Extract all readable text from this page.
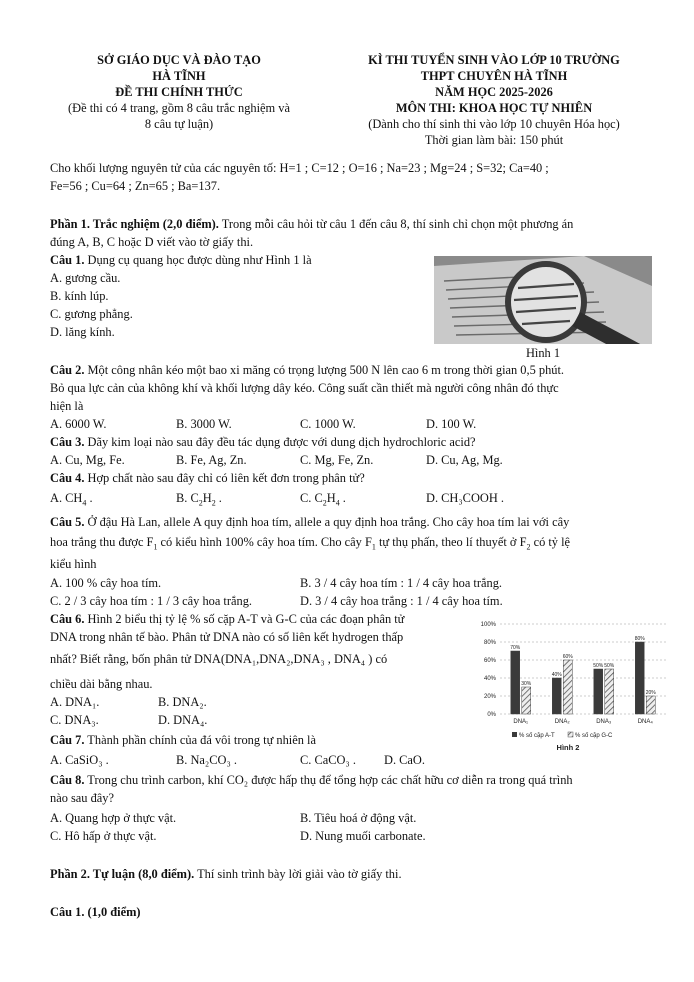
SỞ GIÁO DỤC VÀ ĐÀO TẠO
HÀ TĨNH
ĐỀ THI CHÍNH THỨC
(Đề thi có 4 trang, gồm 8 câu trắc nghiệm và
8 câu tự luận)
KÌ THI TUYỂN SINH VÀO LỚP 10 TRƯỜNG
THPT CHUYÊN HÀ TĨNH
NĂM HỌC 2025-2026
MÔN THI: KHOA HỌC TỰ NHIÊN
(Dành cho thí sinh thi vào lớp 10 chuyên Hóa học)
Thời gian làm bài: 150 phút
Cho khối lượng nguyên tử của các nguyên tố: H=1 ; C=12 ; O=16 ; Na=23 ; Mg=24 ; S=32; Ca=40 ;
Fe=56 ; Cu=64 ; Zn=65 ; Ba=137.
Phần 1. Trắc nghiệm (2,0 điểm). Trong mỗi câu hỏi từ câu 1 đến câu 8, thí sinh chỉ chọn một phương án
đúng A, B, C hoặc D viết vào tờ giấy thi.
Câu 1. Dụng cụ quang học được dùng như Hình 1 là
A. gương cầu.
B. kính lúp.
C. gương phẳng.
D. lăng kính.
Hình 1
Câu 2. Một công nhân kéo một bao xi măng có trọng lượng 500 N lên cao 6 m trong thời gian 0,5 phút.
Bỏ qua lực cản của không khí và khối lượng dây kéo. Công suất cần thiết mà người công nhân đó thực
hiện là
A. 6000 W.	B. 3000 W.	C. 1000 W.	D. 100 W.
Câu 3. Dãy kim loại nào sau đây đều tác dụng được với dung dịch hydrochloric acid?
A. Cu, Mg, Fe.	B. Fe, Ag, Zn.	C. Mg, Fe, Zn.	D. Cu, Ag, Mg.
Câu 4. Hợp chất nào sau đây chỉ có liên kết đơn trong phân tử?
A. $CH_4$ .	B. $C_2H_2$ .	C. $C_2H_4$ .	D. CH₃COOH .
Câu 5. Ở đậu Hà Lan, allele A quy định hoa tím, allele a quy định hoa trắng. Cho cây hoa tím lai với cây
hoa trắng thu được $F_1$ có kiểu hình 100% cây hoa tím. Cho cây $F_1$ tự thụ phấn, theo lí thuyết ở $F_2$ có tỷ lệ
kiểu hình
A. 100 % cây hoa tím.	B. 3 / 4 cây hoa tím : 1 / 4 cây hoa trắng.
C. 2 / 3 cây hoa tím : 1 / 3 cây hoa trắng.	D. 3 / 4 cây hoa trắng : 1 / 4 cây hoa tím.
Câu 6. Hình 2 biểu thị tỷ lệ % số cặp A-T và G-C của các đoạn phân tử
DNA trong nhân tế bào. Phân tử DNA nào có số liên kết hydrogen thấp
nhất? Biết rằng, bốn phân tử DNA(DNA₁,DNA₂,DNA₃ , DNA₄ ) có
chiều dài bằng nhau.
A. DNA₁.	B. DNA₂.
C. DNA₃.	D. DNA₄.
100%
80%
60%
40%
20%
0%
70%
30%
DNA₁
40%
60%
DNA₂
50% 50%
DNA₃
80%
20%
DNA₄
% số cặp A-T	% số cặp G-C
Hình 2
Câu 7. Thành phần chính của đá vôi trong tự nhiên là
A. CaSiO₃ .	B. Na₂CO₃ .	C. CaCO₃ . D. CaO.
Câu 8. Trong chu trình carbon, khí CO₂ được hấp thụ để tổng hợp các chất hữu cơ diễn ra trong quá trình
nào sau đây?
A. Quang hợp ở thực vật.	B. Tiêu hoá ở động vật.
C. Hô hấp ở thực vật.	D. Nung muối carbonate.
Phần 2. Tự luận (8,0 điểm). Thí sinh trình bày lời giải vào tờ giấy thi.
Câu 1. (1,0 điểm)
